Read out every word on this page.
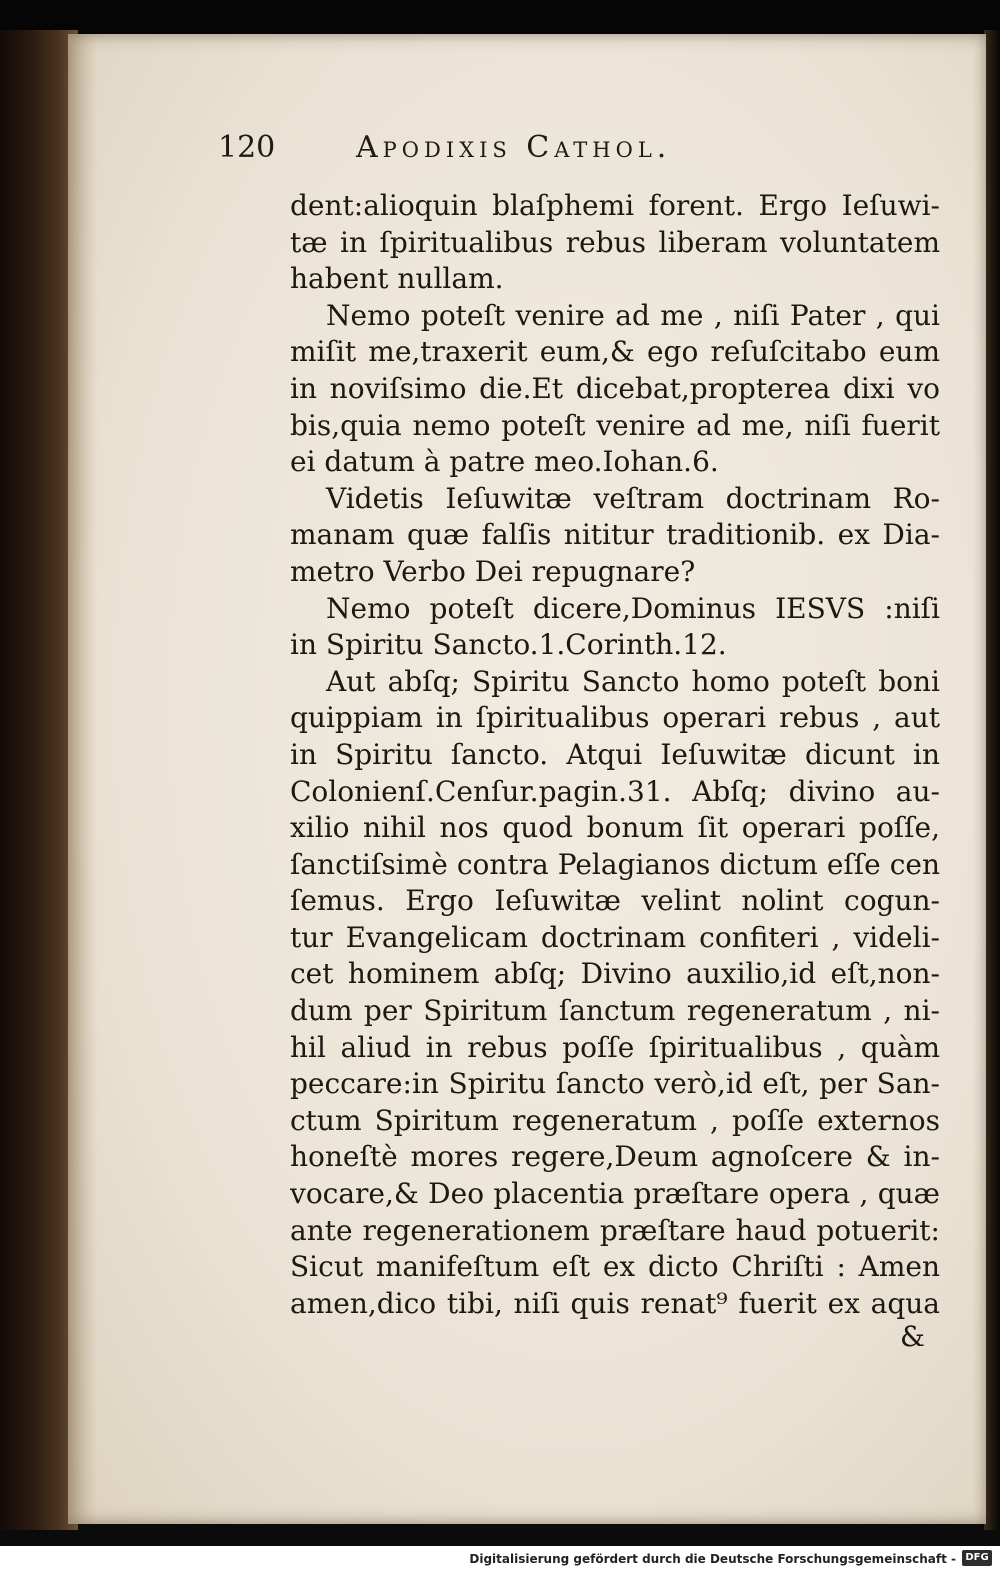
120	Apodixis Cathol.
dent:alioquin blaſphemi forent. Ergo Ieſuwi-
tæ in ſpiritualibus rebus liberam voluntatem
habent nullam.
Nemo poteſt venire ad me , niſi Pater , qui
miſit me,traxerit eum,& ego reſuſcitabo eum
in noviſsimo die.Et dicebat,propterea dixi vo
bis,quia nemo poteſt venire ad me, niſi fuerit
ei datum à patre meo.Iohan.6.
Videtis Ieſuwitæ veſtram doctrinam Ro-
manam quæ falſis nititur traditionib. ex Dia-
metro Verbo Dei repugnare?
Nemo poteſt dicere,Dominus IESVS :niſi
in Spiritu Sancto.1.Corinth.12.
Aut abſq; Spiritu Sancto homo poteſt boni
quippiam in ſpiritualibus operari rebus , aut
in Spiritu ſancto. Atqui Ieſuwitæ dicunt in
Colonienſ.Cenſur.pagin.31. Abſq; divino au-
xilio nihil nos quod bonum ſit operari poſſe,
ſanctiſsimè contra Pelagianos dictum eſſe cen
ſemus. Ergo Ieſuwitæ velint nolint cogun-
tur Evangelicam doctrinam confiteri , videli-
cet hominem abſq; Divino auxilio,id eſt,non-
dum per Spiritum ſanctum regeneratum , ni-
hil aliud in rebus poſſe ſpiritualibus , quàm
peccare:in Spiritu ſancto verò,id eſt, per San-
ctum Spiritum regeneratum , poſſe externos
honeſtè mores regere,Deum agnoſcere & in-
vocare,& Deo placentia præſtare opera , quæ
ante regenerationem præſtare haud potuerit:
Sicut manifeſtum eſt ex dicto Chriſti : Amen
amen,dico tibi, niſi quis renat⁹ fuerit ex aqua
&
Digitalisierung gefördert durch die Deutsche Forschungsgemeinschaft - DFG
